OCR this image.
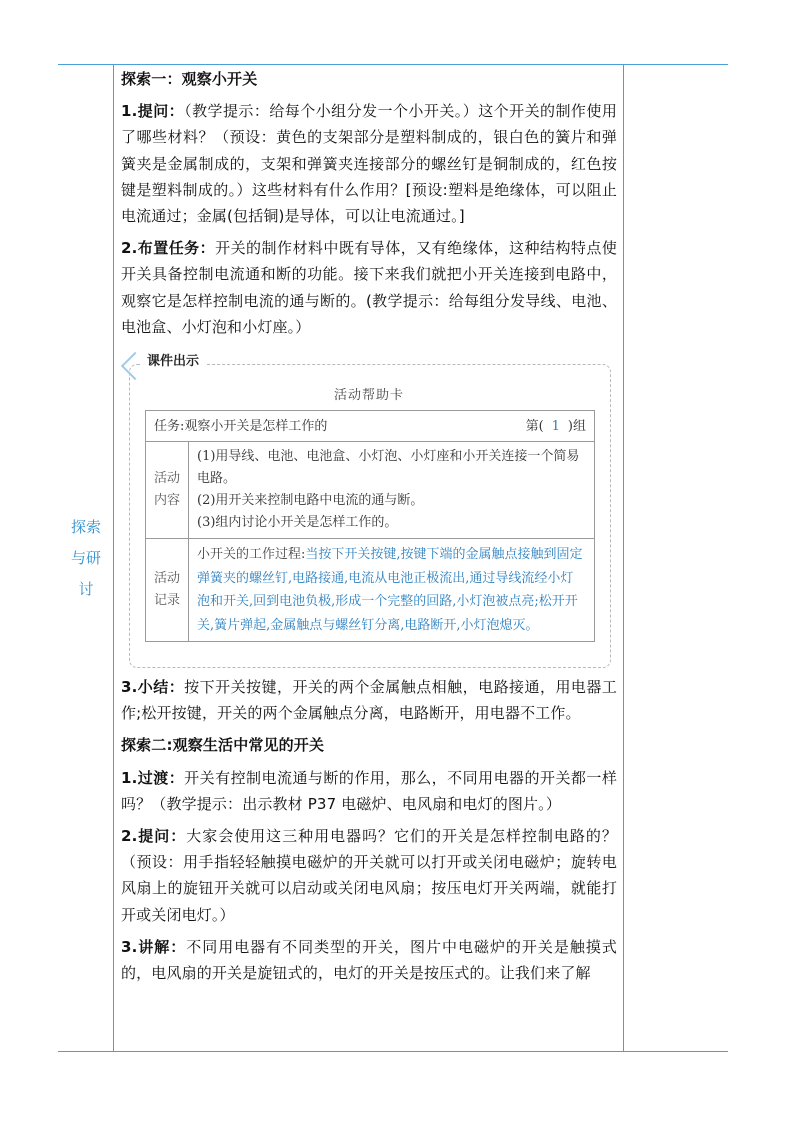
探索
与研
讨

探索一：观察小开关

1.提问：（教学提示：给每个小组分发一个小开关。）这个开关的制作使用了哪些材料？（预设：黄色的支架部分是塑料制成的，银白色的簧片和弹簧夹是金属制成的，支架和弹簧夹连接部分的螺丝钉是铜制成的，红色按键是塑料制成的。）这些材料有什么作用？[预设:塑料是绝缘体，可以阻止电流通过；金属(包括铜)是导体，可以让电流通过。]

2.布置任务：开关的制作材料中既有导体，又有绝缘体，这种结构特点使开关具备控制电流通和断的功能。接下来我们就把小开关连接到电路中，观察它是怎样控制电流的通与断的。(教学提示：给每组分发导线、电池、电池盒、小灯泡和小灯座。）

课件出示
活动帮助卡
任务:观察小开关是怎样工作的 第( 1 )组	

活动内容	(1)用导线、电池、电池盒、小灯泡、小灯座和小开关连接一个简易电路。
(2)用开关来控制电路中电流的通与断。
(3)组内讨论小开关是怎样工作的。

活动记录	小开关的工作过程:当按下开关按键,按键下端的金属触点接触到固定弹簧夹的螺丝钉,电路接通,电流从电池正极流出,通过导线流经小灯泡和开关,回到电池负极,形成一个完整的回路,小灯泡被点亮;松开开关,簧片弹起,金属触点与螺丝钉分离,电路断开,小灯泡熄灭。

3.小结：按下开关按键，开关的两个金属触点相触，电路接通，用电器工作;松开按键，开关的两个金属触点分离，电路断开，用电器不工作。

探索二:观察生活中常见的开关

1.过渡：开关有控制电流通与断的作用，那么，不同用电器的开关都一样吗？（教学提示：出示教材 P37 电磁炉、电风扇和电灯的图片。）

2.提问：大家会使用这三种用电器吗？它们的开关是怎样控制电路的？（预设：用手指轻轻触摸电磁炉的开关就可以打开或关闭电磁炉；旋转电风扇上的旋钮开关就可以启动或关闭电风扇；按压电灯开关两端，就能打开或关闭电灯。）

3.讲解：不同用电器有不同类型的开关，图片中电磁炉的开关是触摸式的，电风扇的开关是旋钮式的，电灯的开关是按压式的。让我们来了解
